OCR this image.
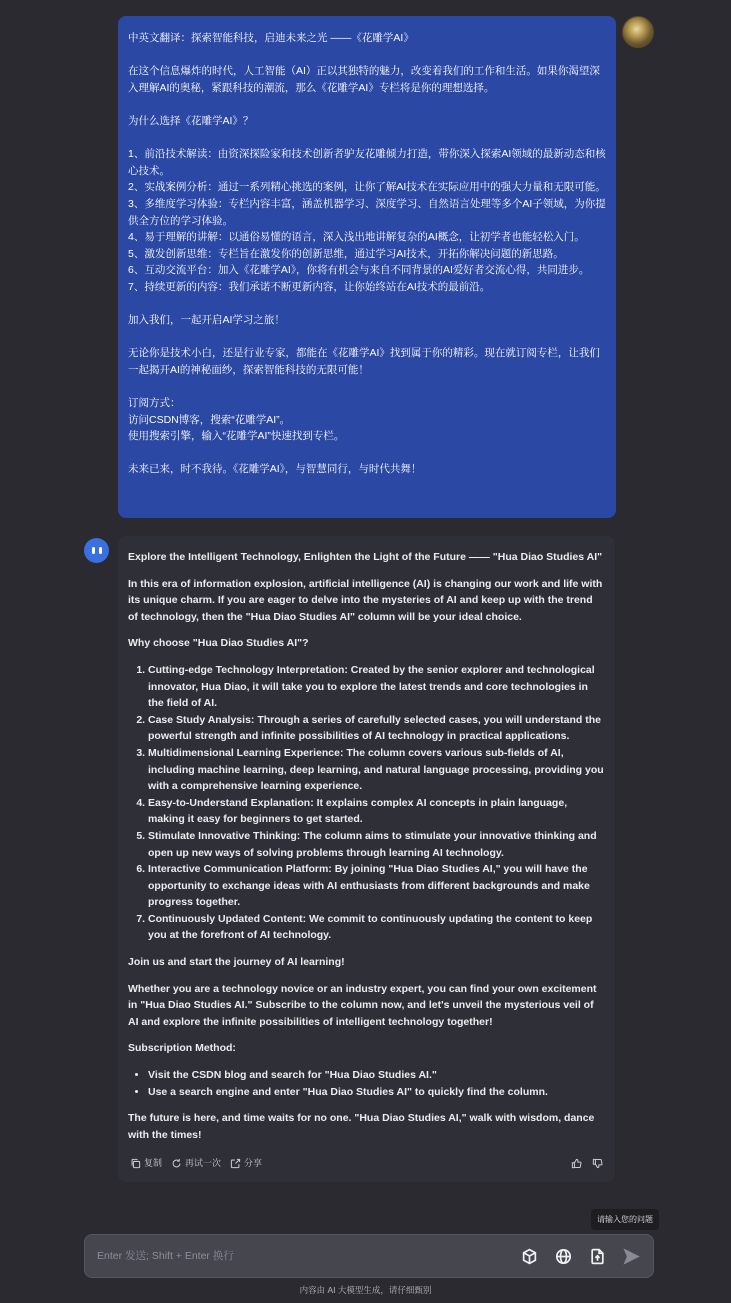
中英文翻译：探索智能科技，启迪未来之光 ——《花雕学AI》

在这个信息爆炸的时代，人工智能（AI）正以其独特的魅力，改变着我们的工作和生活。如果你渴望深入理解AI的奥秘，紧跟科技的潮流，那么《花雕学AI》专栏将是你的理想选择。

为什么选择《花雕学AI》？

1、前沿技术解读：由资深探险家和技术创新者驴友花雕倾力打造，带你深入探索AI领域的最新动态和核心技术。
2、实战案例分析：通过一系列精心挑选的案例，让你了解AI技术在实际应用中的强大力量和无限可能。
3、多维度学习体验：专栏内容丰富，涵盖机器学习、深度学习、自然语言处理等多个AI子领域，为你提供全方位的学习体验。
4、易于理解的讲解：以通俗易懂的语言，深入浅出地讲解复杂的AI概念，让初学者也能轻松入门。
5、激发创新思维：专栏旨在激发你的创新思维，通过学习AI技术，开拓你解决问题的新思路。
6、互动交流平台：加入《花雕学AI》，你将有机会与来自不同背景的AI爱好者交流心得，共同进步。
7、持续更新的内容：我们承诺不断更新内容，让你始终站在AI技术的最前沿。

加入我们，一起开启AI学习之旅！

无论你是技术小白，还是行业专家，都能在《花雕学AI》找到属于你的精彩。现在就订阅专栏，让我们一起揭开AI的神秘面纱，探索智能科技的无限可能！

订阅方式：
访问CSDN博客，搜索“花雕学AI”。
使用搜索引擎，输入“花雕学AI”快速找到专栏。

未来已来，时不我待。《花雕学AI》，与智慧同行，与时代共舞！

Explore the Intelligent Technology, Enlighten the Light of the Future —— "Hua Diao Studies AI"

In this era of information explosion, artificial intelligence (AI) is changing our work and life with its unique charm. If you are eager to delve into the mysteries of AI and keep up with the trend of technology, then the "Hua Diao Studies AI" column will be your ideal choice.

Why choose "Hua Diao Studies AI"?

1. Cutting-edge Technology Interpretation: Created by the senior explorer and technological innovator, Hua Diao, it will take you to explore the latest trends and core technologies in the field of AI.
2. Case Study Analysis: Through a series of carefully selected cases, you will understand the powerful strength and infinite possibilities of AI technology in practical applications.
3. Multidimensional Learning Experience: The column covers various sub-fields of AI, including machine learning, deep learning, and natural language processing, providing you with a comprehensive learning experience.
4. Easy-to-Understand Explanation: It explains complex AI concepts in plain language, making it easy for beginners to get started.
5. Stimulate Innovative Thinking: The column aims to stimulate your innovative thinking and open up new ways of solving problems through learning AI technology.
6. Interactive Communication Platform: By joining "Hua Diao Studies AI," you will have the opportunity to exchange ideas with AI enthusiasts from different backgrounds and make progress together.
7. Continuously Updated Content: We commit to continuously updating the content to keep you at the forefront of AI technology.

Join us and start the journey of AI learning!

Whether you are a technology novice or an industry expert, you can find your own excitement in "Hua Diao Studies AI." Subscribe to the column now, and let's unveil the mysterious veil of AI and explore the infinite possibilities of intelligent technology together!

Subscription Method:

• Visit the CSDN blog and search for "Hua Diao Studies AI."
• Use a search engine and enter "Hua Diao Studies AI" to quickly find the column.

The future is here, and time waits for no one. "Hua Diao Studies AI," walk with wisdom, dance with the times!

复制	再试一次	分享
请输入您的问题
Enter 发送; Shift + Enter 换行
内容由 AI 大模型生成，请仔细甄别
